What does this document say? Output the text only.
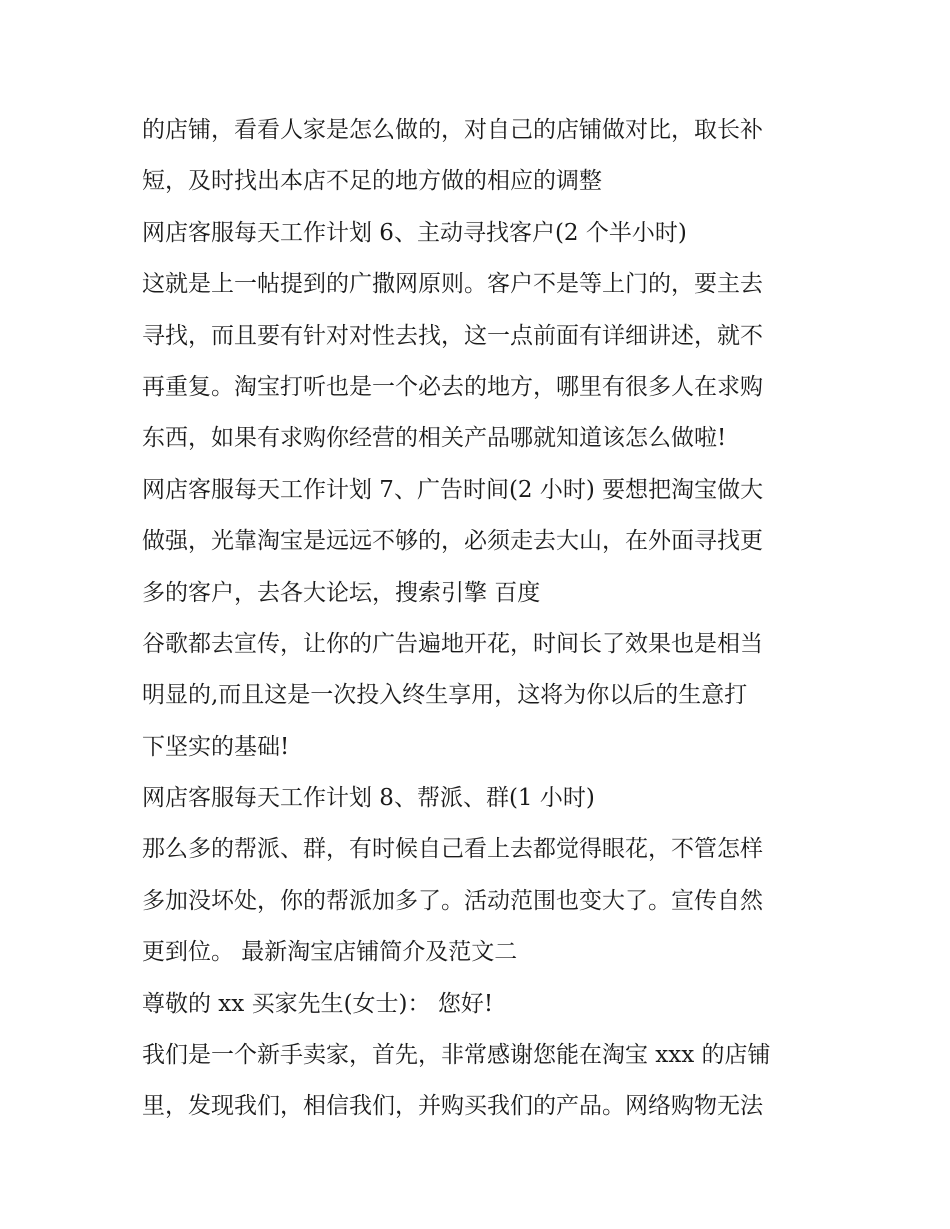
的店铺，看看人家是怎么做的，对自己的店铺做对比，取长补
短，及时找出本店不足的地方做的相应的调整
网店客服每天工作计划 6、主动寻找客户(2 个半小时)
这就是上一帖提到的广撒网原则。客户不是等上门的，要主去
寻找，而且要有针对对性去找，这一点前面有详细讲述，就不
再重复。淘宝打听也是一个必去的地方，哪里有很多人在求购
东西，如果有求购你经营的相关产品哪就知道该怎么做啦!
网店客服每天工作计划 7、广告时间(2 小时) 要想把淘宝做大
做强，光靠淘宝是远远不够的，必须走去大山，在外面寻找更
多的客户，去各大论坛，搜索引擎 百度
谷歌都去宣传，让你的广告遍地开花，时间长了效果也是相当
明显的,而且这是一次投入终生享用，这将为你以后的生意打
下坚实的基础!
网店客服每天工作计划 8、帮派、群(1 小时)
那么多的帮派、群，有时候自己看上去都觉得眼花，不管怎样
多加没坏处，你的帮派加多了。活动范围也变大了。宣传自然
更到位。 最新淘宝店铺简介及范文二
尊敬的 xx 买家先生(女士)： 您好!
我们是一个新手卖家，首先，非常感谢您能在淘宝 xxx 的店铺
里，发现我们，相信我们，并购买我们的产品。网络购物无法
